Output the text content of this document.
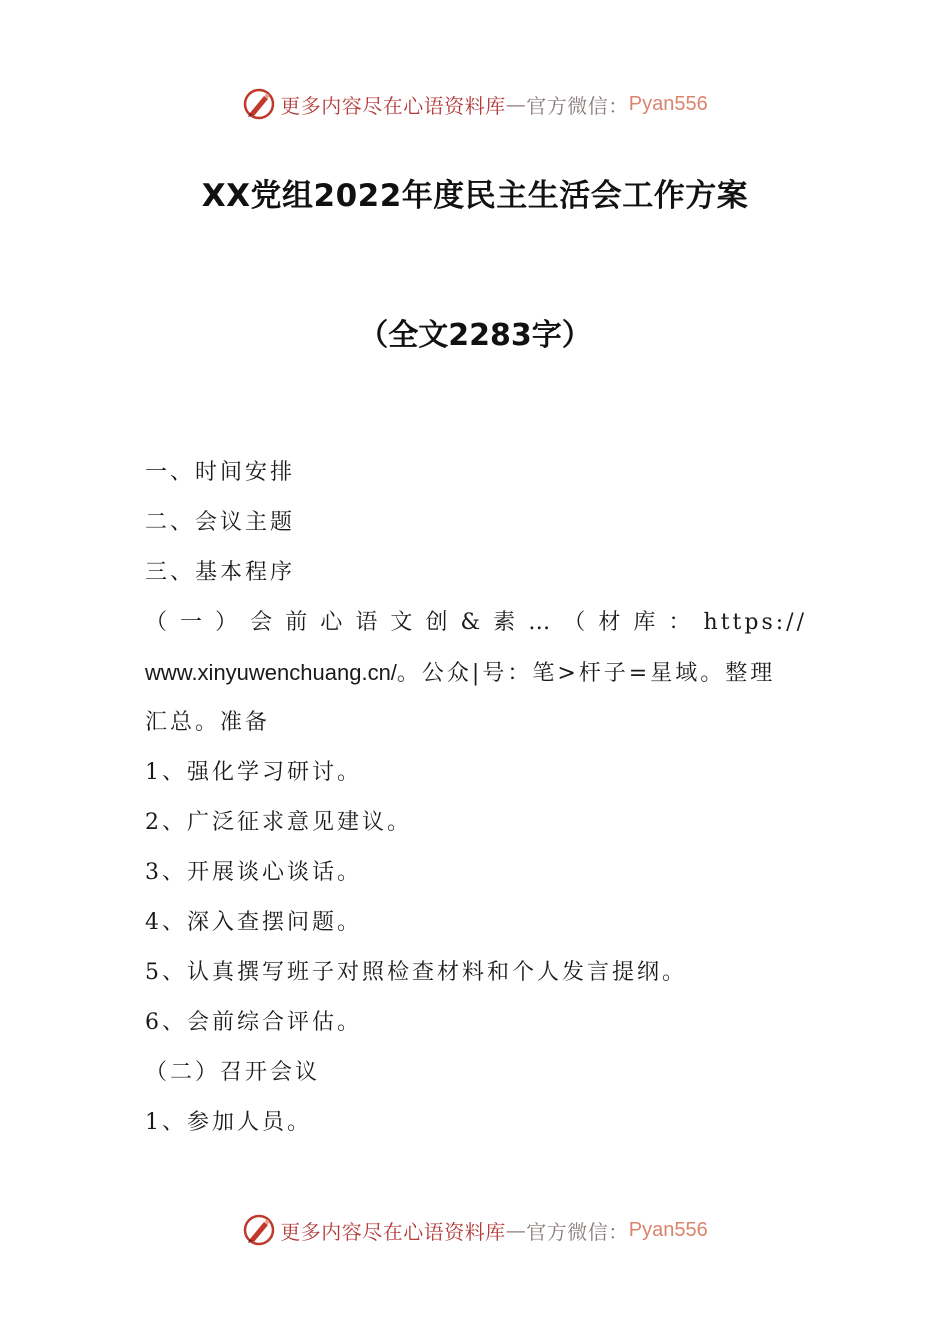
更多内容尽在心语资料库 — 官方微信： Pyan556
XX党组2022年度民主生活会工作方案
（全文2283字）
一、时间安排
二、会议主题
三、基本程序
（一）会前心语文创&素…（材库：https://
www.xinyuwenchuang.cn/。公众|号：笔>杆子=星域。整理
汇总。准备
1、强化学习研讨。
2、广泛征求意见建议。
3、开展谈心谈话。
4、深入查摆问题。
5、认真撰写班子对照检查材料和个人发言提纲。
6、会前综合评估。
（二）召开会议
1、参加人员。
更多内容尽在心语资料库 — 官方微信： Pyan556
